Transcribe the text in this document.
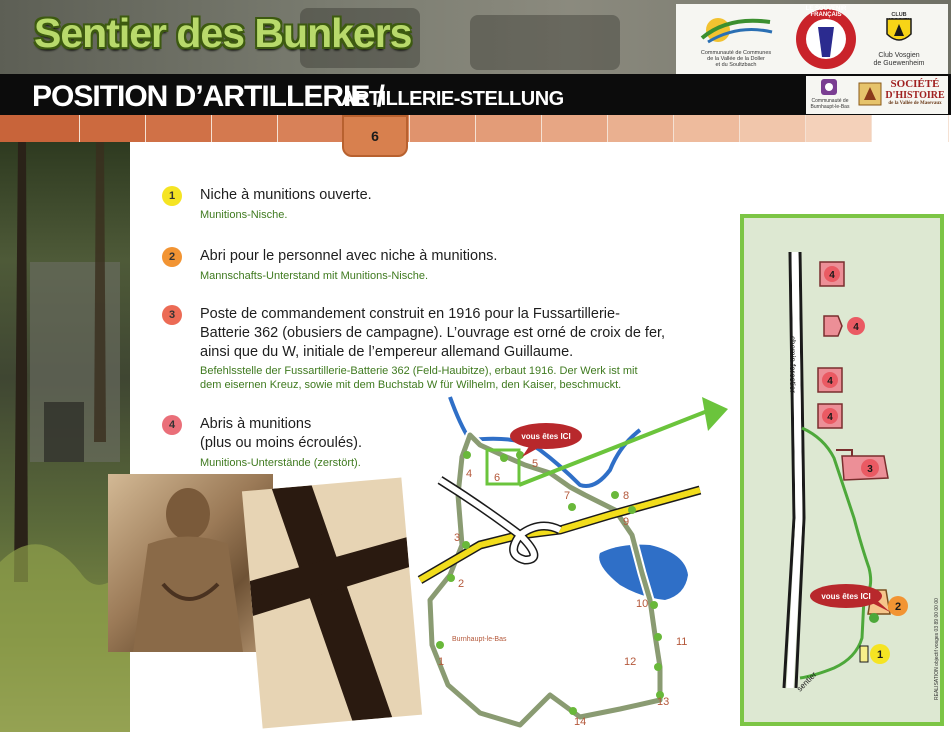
Sentier des Bunkers
POSITION D’ARTILLERIE /
ARTILLERIE-STELLUNG
Communauté de Communes
de la Vallée de la Doller
et du Soultzbach
LE SOUVENIR FRANÇAIS	CLUB
Club Vosgien
de Guewenheim
Communauté de
Burnhaupt-le-Bas
SOCIÉTÉ
D'HISTOIRE
de la Vallée de Masevaux
6
1	Niche à munitions ouverte.
Munitions-Nische.
2	Abri pour le personnel avec niche à munitions.
Mannschafts-Unterstand mit Munitions-Nische.
3	Poste de commandement construit en 1916 pour la Fussartillerie-
Batterie 362 (obusiers de campagne). L’ouvrage est orné de croix de fer,
ainsi que du W, initiale de l’empereur allemand Guillaume.
Befehlsstelle der Fussartillerie-Batterie 362 (Feld-Haubitze), erbaut 1916. Der Werk ist mit
dem eisernen Kreuz, sowie mit dem Buchstab W für Wilhelm, den Kaiser, beschmuckt.
4	Abris à munitions
(plus ou moins écroulés).
Munitions-Unterstände (zerstört).
4
5
6
7	8
9
3
2
10
11
12
13
14
1
Burnhaupt-le-Bas
vous êtes ICI
chemin forestier
sentier
4
4
4
4
3
2
1
vous êtes ICI
REALISATION objectif vosges 03 89 00 00 00
